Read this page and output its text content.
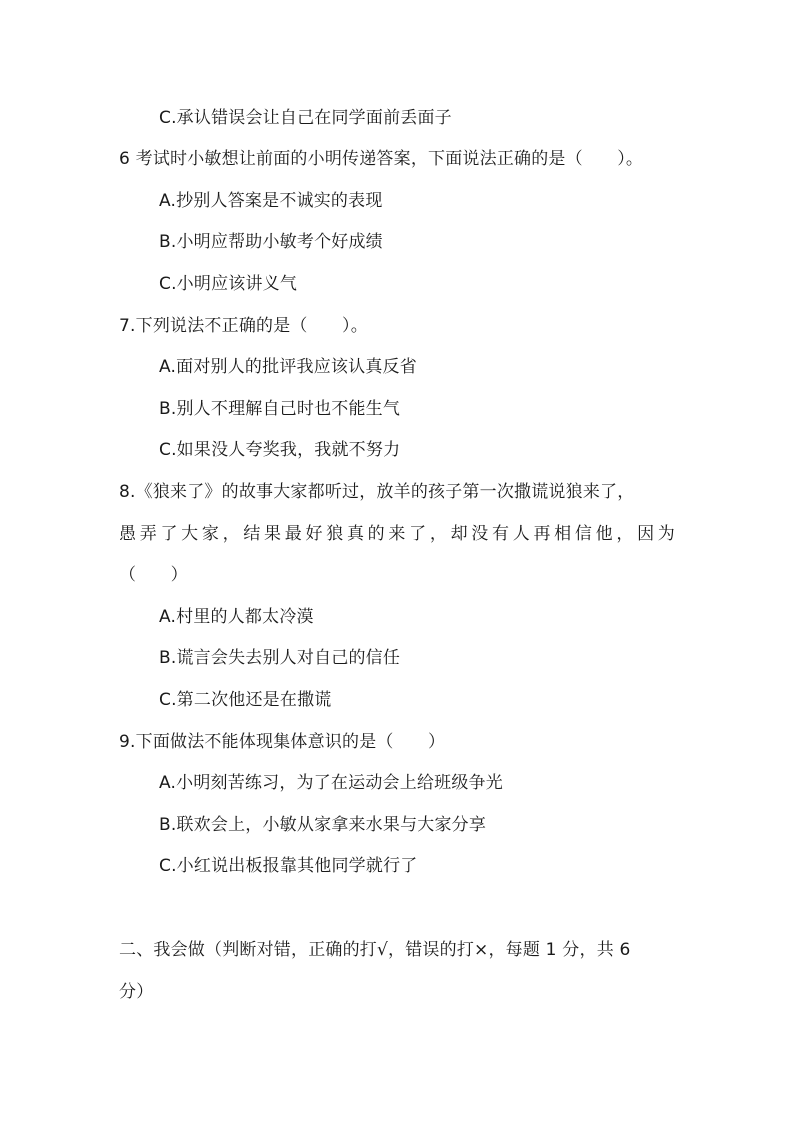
C.承认错误会让自己在同学面前丢面子
6 考试时小敏想让前面的小明传递答案，下面说法正确的是（　　）。
A.抄别人答案是不诚实的表现
B.小明应帮助小敏考个好成绩
C.小明应该讲义气
7.下列说法不正确的是（　　）。
A.面对别人的批评我应该认真反省
B.别人不理解自己时也不能生气
C.如果没人夸奖我，我就不努力
8.《狼来了》的故事大家都听过，放羊的孩子第一次撒谎说狼来了，
愚弄了大家，结果最好狼真的来了，却没有人再相信他，因为
（　　）
A.村里的人都太冷漠
B.谎言会失去别人对自己的信任
C.第二次他还是在撒谎
9.下面做法不能体现集体意识的是（　　）
A.小明刻苦练习，为了在运动会上给班级争光
B.联欢会上，小敏从家拿来水果与大家分享
C.小红说出板报靠其他同学就行了
二、我会做（判断对错，正确的打√，错误的打×，每题 1 分，共 6
分）
